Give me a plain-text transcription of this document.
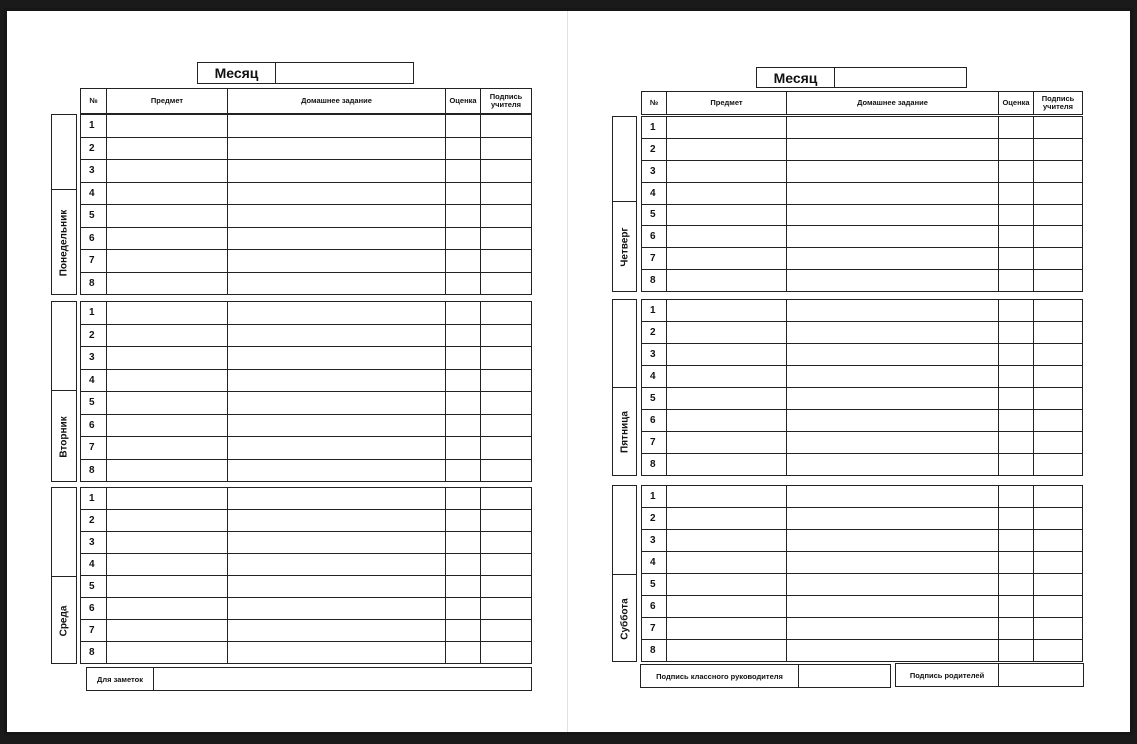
Месяц
№	Предмет	Домашнее задание	Оценка	Подпись учителя
Понедельник
1				
2				
3				
4				
5				
6				
7				
8				
Вторник
1				
2				
3				
4				
5				
6				
7				
8				
Среда
1				
2				
3				
4				
5				
6				
7				
8				
Для заметок
Месяц
№	Предмет	Домашнее задание	Оценка	Подпись учителя
Четверг
1				
2				
3				
4				
5				
6				
7				
8				
Пятница
1				
2				
3				
4				
5				
6				
7				
8				
Суббота
1				
2				
3				
4				
5				
6				
7				
8				
Подпись классного руководителя	Подпись родителей
